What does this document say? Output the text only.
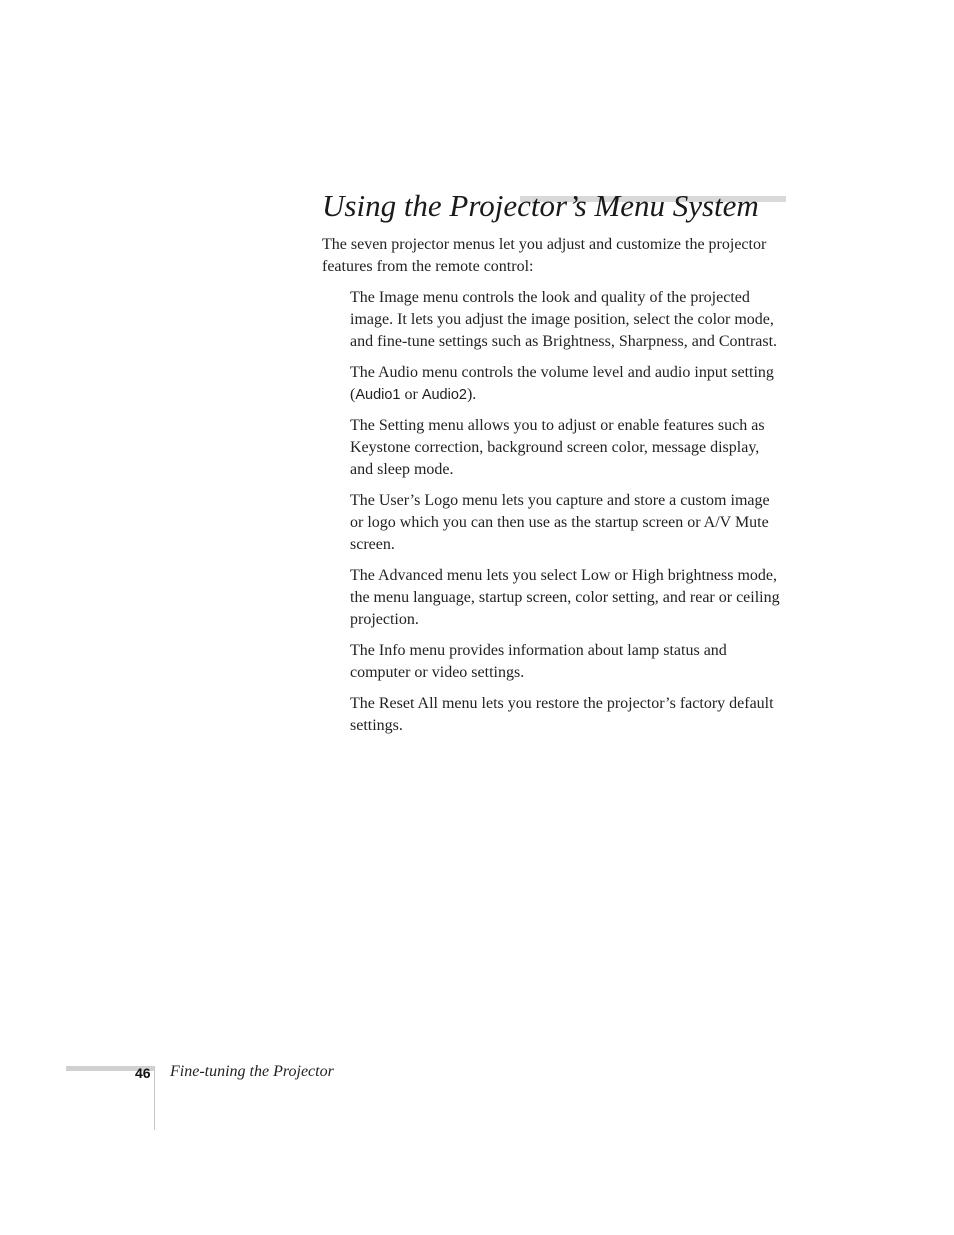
Using the Projector’s Menu System

The seven projector menus let you adjust and customize the projector features from the remote control:

The Image menu controls the look and quality of the projected image. It lets you adjust the image position, select the color mode, and fine-tune settings such as Brightness, Sharpness, and Contrast.
The Audio menu controls the volume level and audio input setting (Audio1 or Audio2).
The Setting menu allows you to adjust or enable features such as Keystone correction, background screen color, message display, and sleep mode.
The User’s Logo menu lets you capture and store a custom image or logo which you can then use as the startup screen or A/V Mute screen.
The Advanced menu lets you select Low or High brightness mode, the menu language, startup screen, color setting, and rear or ceiling projection.
The Info menu provides information about lamp status and computer or video settings.
The Reset All menu lets you restore the projector’s factory default settings.
46 Fine-tuning the Projector
